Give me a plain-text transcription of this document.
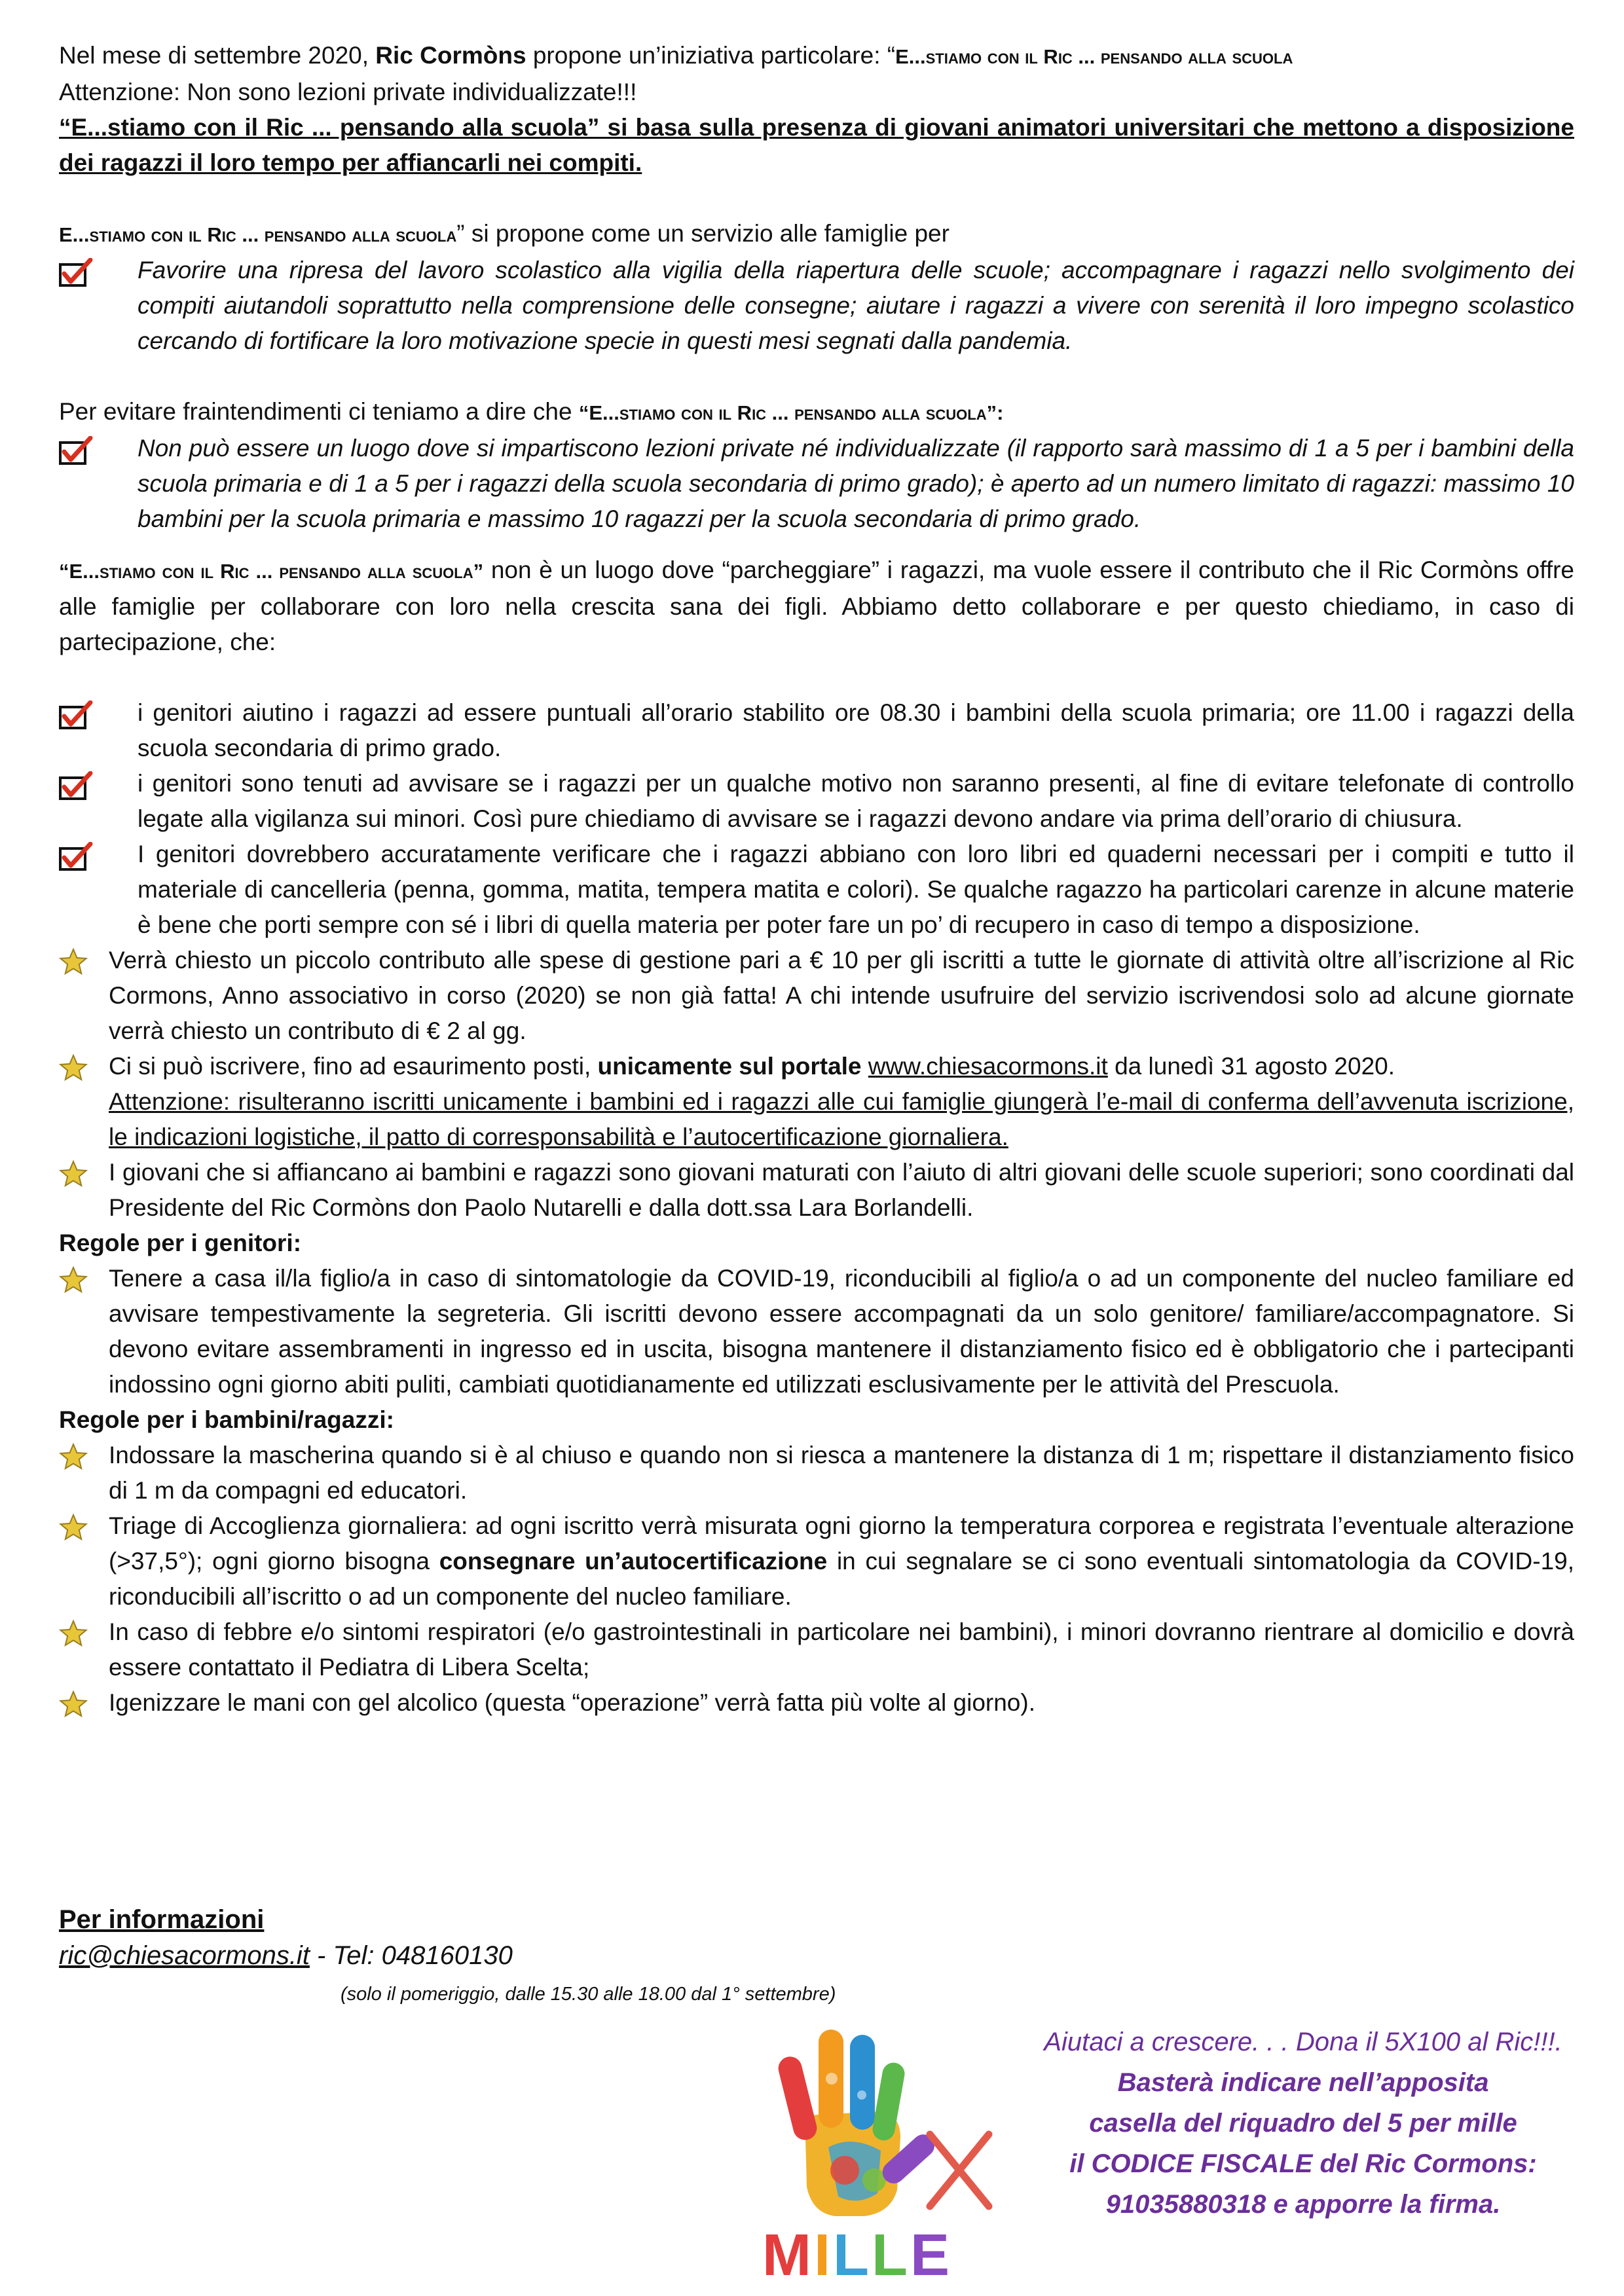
Nel mese di settembre 2020, Ric Cormòns propone un’iniziativa particolare: “E...stiamo con il Ric ... pensando alla scuola

Attenzione: Non sono lezioni private individualizzate!!!

“E...stiamo con il Ric ... pensando alla scuola” si basa sulla presenza di giovani animatori universitari che mettono a disposizione dei ragazzi il loro tempo per affiancarli nei compiti.

E...stiamo con il Ric ... pensando alla scuola” si propone come un servizio alle famiglie per

Favorire una ripresa del lavoro scolastico alla vigilia della riapertura delle scuole; accompagnare i ragazzi nello svolgimento dei compiti aiutandoli soprattutto nella comprensione delle consegne; aiutare i ragazzi a vivere con serenità il loro impegno scolastico cercando di fortificare la loro motivazione specie in questi mesi segnati dalla pandemia.

Per evitare fraintendimenti ci teniamo a dire che “E...stiamo con il Ric ... pensando alla scuola”:

Non può essere un luogo dove si impartiscono lezioni private né individualizzate (il rapporto sarà massimo di 1 a 5 per i bambini della scuola primaria e di 1 a 5 per i ragazzi della scuola secondaria di primo grado); è aperto ad un numero limitato di ragazzi: massimo 10 bambini per la scuola primaria e massimo 10 ragazzi per la scuola secondaria di primo grado.

“E...stiamo con il Ric ... pensando alla scuola” non è un luogo dove “parcheggiare” i ragazzi, ma vuole essere il contributo che il Ric Cormòns offre alle famiglie per collaborare con loro nella crescita sana dei figli. Abbiamo detto collaborare e per questo chiediamo, in caso di partecipazione, che:

i genitori aiutino i ragazzi ad essere puntuali all’orario stabilito ore 08.30 i bambini della scuola primaria; ore 11.00 i ragazzi della scuola secondaria di primo grado.
i genitori sono tenuti ad avvisare se i ragazzi per un qualche motivo non saranno presenti, al fine di evitare telefonate di controllo legate alla vigilanza sui minori. Così pure chiediamo di avvisare se i ragazzi devono andare via prima dell’orario di chiusura.
I genitori dovrebbero accuratamente verificare che i ragazzi abbiano con loro libri ed quaderni necessari per i compiti e tutto il materiale di cancelleria (penna, gomma, matita, tempera matita e colori). Se qualche ragazzo ha particolari carenze in alcune materie è bene che porti sempre con sé i libri di quella materia per poter fare un po’ di recupero in caso di tempo a disposizione.
Verrà chiesto un piccolo contributo alle spese di gestione pari a € 10 per gli iscritti a tutte le giornate di attività oltre all’iscrizione al Ric Cormons, Anno associativo in corso (2020) se non già fatta! A chi intende usufruire del servizio iscrivendosi solo ad alcune giornate verrà chiesto un contributo di € 2 al gg.
Ci si può iscrivere, fino ad esaurimento posti, unicamente sul portale www.chiesacormons.it da lunedì 31 agosto 2020.
Attenzione: risulteranno iscritti unicamente i bambini ed i ragazzi alle cui famiglie giungerà l’e-mail di conferma dell’avvenuta iscrizione, le indicazioni logistiche, il patto di corresponsabilità e l’autocertificazione giornaliera.
I giovani che si affiancano ai bambini e ragazzi sono giovani maturati con l’aiuto di altri giovani delle scuole superiori; sono coordinati dal Presidente del Ric Cormòns don Paolo Nutarelli e dalla dott.ssa Lara Borlandelli.

Regole per i genitori:

Tenere a casa il/la figlio/a in caso di sintomatologie da COVID-19, riconducibili al figlio/a o ad un componente del nucleo familiare ed avvisare tempestivamente la segreteria. Gli iscritti devono essere accompagnati da un solo genitore/ familiare/accompagnatore. Si devono evitare assembramenti in ingresso ed in uscita, bisogna mantenere il distanziamento fisico ed è obbligatorio che i partecipanti indossino ogni giorno abiti puliti, cambiati quotidianamente ed utilizzati esclusivamente per le attività del Prescuola.

Regole per i bambini/ragazzi:

Indossare la mascherina quando si è al chiuso e quando non si riesca a mantenere la distanza di 1 m; rispettare il distanziamento fisico di 1 m da compagni ed educatori.
Triage di Accoglienza giornaliera: ad ogni iscritto verrà misurata ogni giorno la temperatura corporea e registrata l’eventuale alterazione (>37,5°); ogni giorno bisogna consegnare un’autocertificazione in cui segnalare se ci sono eventuali sintomatologia da COVID-19, riconducibili all’iscritto o ad un componente del nucleo familiare.
In caso di febbre e/o sintomi respiratori (e/o gastrointestinali in particolare nei bambini), i minori dovranno rientrare al domicilio e dovrà essere contattato il Pediatra di Libera Scelta;
Igenizzare le mani con gel alcolico (questa “operazione” verrà fatta più volte al giorno).
Per informazioni
ric@chiesacormons.it - Tel: 048160130
(solo il pomeriggio, dalle 15.30 alle 18.00 dal 1° settembre)
MILLE
Aiutaci a crescere. . . Dona il 5X100 al Ric!!!.
Basterà indicare nell’apposita
casella del riquadro del 5 per mille
il CODICE FISCALE del Ric Cormons:
91035880318 e apporre la firma.
